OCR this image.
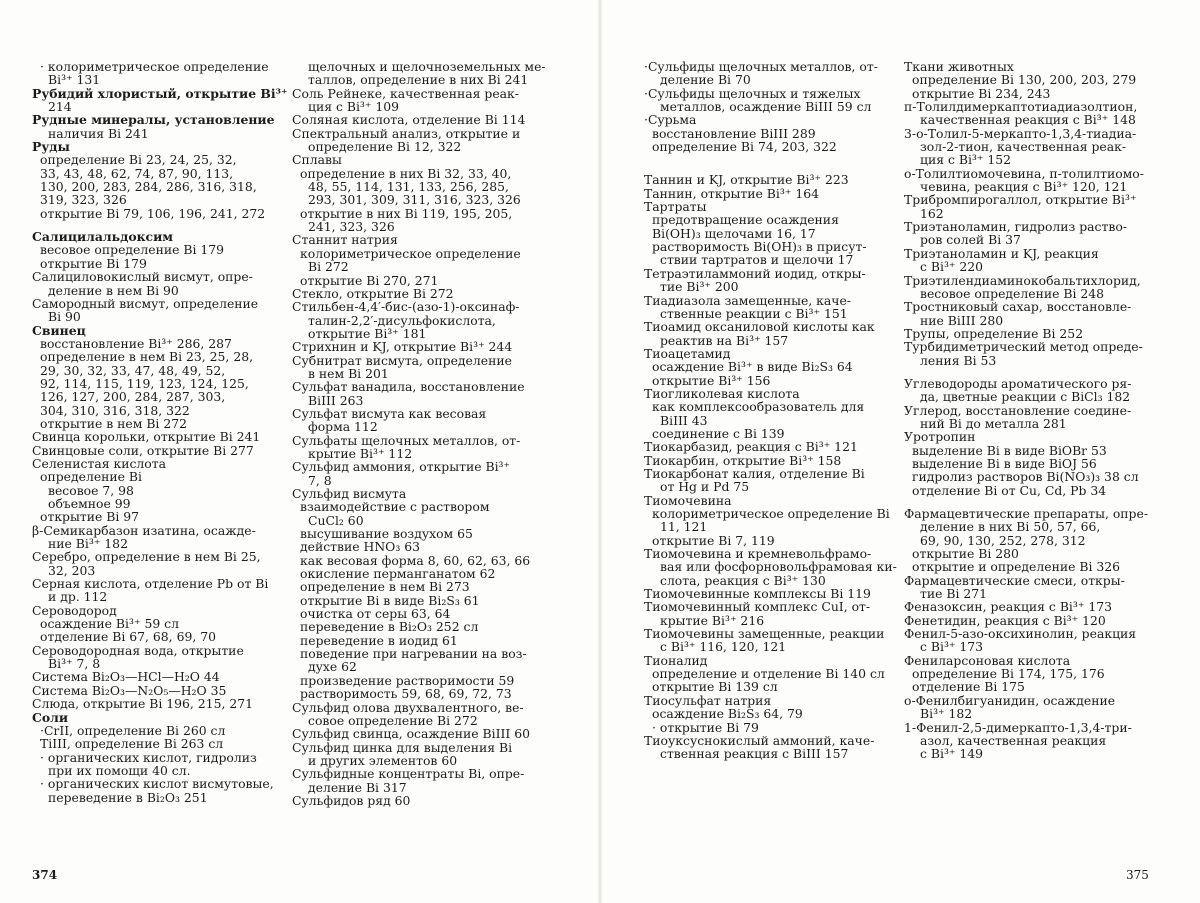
· колориметрическое определение
Bi³⁺ 131
Рубидий хлористый, открытие Bi³⁺
214
Рудные минералы, установление
наличия Bi 241
Руды
определение Bi 23, 24, 25, 32,
33, 43, 48, 62, 74, 87, 90, 113,
130, 200, 283, 284, 286, 316, 318,
319, 323, 326
открытие Bi 79, 106, 196, 241, 272
Салицилальдоксим
весовое определение Bi 179
открытие Bi 179
Салициловокислый висмут, опре-
деление в нем Bi 90
Самородный висмут, определение
Bi 90
Свинец
восстановление Bi³⁺ 286, 287
определение в нем Bi 23, 25, 28,
29, 30, 32, 33, 47, 48, 49, 52,
92, 114, 115, 119, 123, 124, 125,
126, 127, 200, 284, 287, 303,
304, 310, 316, 318, 322
открытие в нем Bi 272
Свинца корольки, открытие Bi 241
Свинцовые соли, открытие Bi 277
Селенистая кислота
определение Bi
весовое 7, 98
объемное 99
открытие Bi 97
β-Семикарбазон изатина, осажде-
ние Bi³⁺ 182
Серебро, определение в нем Bi 25,
32, 203
Серная кислота, отделение Pb от Bi
и др. 112
Сероводород
осаждение Bi³⁺ 59 сл
отделение Bi 67, 68, 69, 70
Сероводородная вода, открытие
Bi³⁺ 7, 8
Система Bi₂O₃—HCl—H₂O 44
Система Bi₂O₃—N₂O₅—H₂O 35
Слюда, открытие Bi 196, 215, 271
Соли
·CrII, определение Bi 260 сл
TiIII, определение Bi 263 сл
· органических кислот, гидролиз
при их помощи 40 сл.
· органических кислот висмутовые,
переведение в Bi₂O₃ 251
щелочных и щелочноземельных ме-
таллов, определение в них Bi 241
Соль Рейнеке, качественная реак-
ция с Bi³⁺ 109
Соляная кислота, отделение Bi 114
Спектральный анализ, открытие и
определение Bi 12, 322
Сплавы
определение в них Bi 32, 33, 40,
48, 55, 114, 131, 133, 256, 285,
293, 301, 309, 311, 316, 323, 326
открытие в них Bi 119, 195, 205,
241, 323, 326
Станнит натрия
колориметрическое определение
Bi 272
открытие Bi 270, 271
Стекло, открытие Bi 272
Стильбен-4,4′-бис-(азо-1)-оксинаф-
талин-2,2′-дисульфокислота,
открытие Bi³⁺ 181
Стрихнин и KJ, открытие Bi³⁺ 244
Субнитрат висмута, определение
в нем Bi 201
Сульфат ванадила, восстановление
BiIII 263
Сульфат висмута как весовая
форма 112
Сульфаты щелочных металлов, от-
крытие Bi³⁺ 112
Сульфид аммония, открытие Bi³⁺
7, 8
Сульфид висмута
взаимодействие с раствором
CuCl₂ 60
высушивание воздухом 65
действие HNO₃ 63
как весовая форма 8, 60, 62, 63, 66
окисление перманганатом 62
определение в нем Bi 273
открытие Bi в виде Bi₂S₃ 61
очистка от серы 63, 64
переведение в Bi₂O₃ 252 сл
переведение в иодид 61
поведение при нагревании на воз-
духе 62
произведение растворимости 59
растворимость 59, 68, 69, 72, 73
Сульфид олова двухвалентного, ве-
совое определение Bi 272
Сульфид свинца, осаждение BiIII 60
Сульфид цинка для выделения Bi
и других элементов 60
Сульфидные концентраты Bi, опре-
деление Bi 317
Сульфидов ряд 60
374
·Сульфиды щелочных металлов, от-
деление Bi 70
·Сульфиды щелочных и тяжелых
металлов, осаждение BiIII 59 сл
·Сурьма
восстановление BiIII 289
определение Bi 74, 203, 322
Таннин и KJ, открытие Bi³⁺ 223
Таннин, открытие Bi³⁺ 164
Тартраты
предотвращение осаждения
Bi(OH)₃ щелочами 16, 17
растворимость Bi(OH)₃ в присут-
ствии тартратов и щелочи 17
Тетраэтиламмоний иодид, откры-
тие Bi³⁺ 200
Тиадиазола замещенные, каче-
ственные реакции с Bi³⁺ 151
Тиоамид оксаниловой кислоты как
реактив на Bi³⁺ 157
Тиоацетамид
осаждение Bi³⁺ в виде Bi₂S₃ 64
открытие Bi³⁺ 156
Тиогликолевая кислота
как комплексообразователь для
BiIII 43
соединение с Bi 139
Тиокарбазид, реакция с Bi³⁺ 121
Тиокарбин, открытие Bi³⁺ 158
Тиокарбонат калия, отделение Bi
от Hg и Pd 75
Тиомочевина
колориметрическое определение Bi
11, 121
открытие Bi 7, 119
Тиомочевина и кремневольфрамо-
вая или фосфорновольфрамовая ки-
слота, реакция с Bi³⁺ 130
Тиомочевинные комплексы Bi 119
Тиомочевинный комплекс CuI, от-
крытие Bi³⁺ 216
Тиомочевины замещенные, реакции
с Bi³⁺ 116, 120, 121
Тионалид
определение и отделение Bi 140 сл
открытие Bi 139 сл
Тиосульфат натрия
осаждение Bi₂S₃ 64, 79
· открытие Bi 79
Тиоуксуснокислый аммоний, каче-
ственная реакция с BiIII 157
Ткани животных
определение Bi 130, 200, 203, 279
открытие Bi 234, 243
п-Толилдимеркаптотиадиазолтион,
качественная реакция с Bi³⁺ 148
3-о-Толил-5-меркапто-1,3,4-тиадиа-
зол-2-тион, качественная реак-
ция с Bi³⁺ 152
о-Толилтиомочевина, п-толилтиомо-
чевина, реакция с Bi³⁺ 120, 121
Трибромпирогаллол, открытие Bi³⁺
162
Триэтаноламин, гидролиз раство-
ров солей Bi 37
Триэтаноламин и KJ, реакция
с Bi³⁺ 220
Триэтилендиаминокобальтихлорид,
весовое определение Bi 248
Тростниковый сахар, восстановле-
ние BiIII 280
Трупы, определение Bi 252
Турбидиметрический метод опреде-
ления Bi 53
Углеводороды ароматического ря-
да, цветные реакции с BiCl₃ 182
Углерод, восстановление соедине-
ний Bi до металла 281
Уротропин
выделение Bi в виде BiOBr 53
выделение Bi в виде BiOJ 56
гидролиз растворов Bi(NO₃)₃ 38 сл
отделение Bi от Cu, Cd, Pb 34
Фармацевтические препараты, опре-
деление в них Bi 50, 57, 66,
69, 90, 130, 252, 278, 312
открытие Bi 280
открытие и определение Bi 326
Фармацевтические смеси, откры-
тие Bi 271
Феназоксин, реакция с Bi³⁺ 173
Фенетидин, реакция с Bi³⁺ 120
Фенил-5-азо-оксихинолин, реакция
с Bi³⁺ 173
Фениларсоновая кислота
определение Bi 174, 175, 176
отделение Bi 175
о-Фенилбигуанидин, осаждение
Bi³⁺ 182
1-Фенил-2,5-димеркапто-1,3,4-три-
азол, качественная реакция
с Bi³⁺ 149
375
